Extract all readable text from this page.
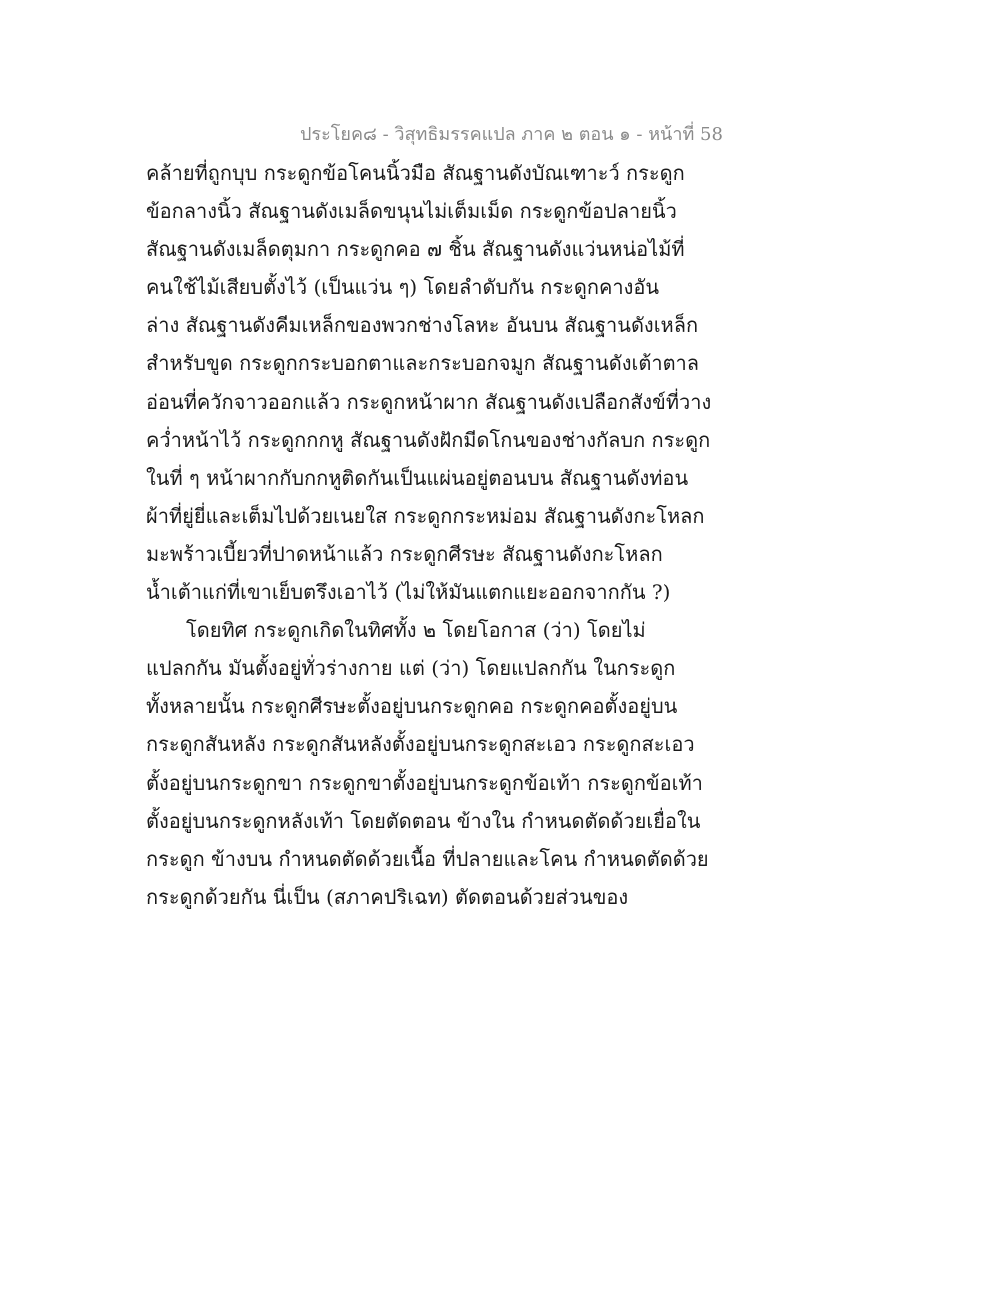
ประโยค๘ - วิสุทธิมรรคแปล ภาค ๒ ตอน ๑ - หน้าที่ 58
คล้ายที่ถูกบุบ กระดูกข้อโคนนิ้วมือ สัณฐานดังบัณเฑาะว์ กระดูก
ข้อกลางนิ้ว สัณฐานดังเมล็ดขนุนไม่เต็มเม็ด กระดูกข้อปลายนิ้ว
สัณฐานดังเมล็ดตุมกา กระดูกคอ ๗ ชิ้น สัณฐานดังแว่นหน่อไม้ที่
คนใช้ไม้เสียบตั้งไว้ (เป็นแว่น ๆ) โดยลำดับกัน กระดูกคางอัน
ล่าง สัณฐานดังคีมเหล็กของพวกช่างโลหะ อันบน สัณฐานดังเหล็ก
สำหรับขูด กระดูกกระบอกตาและกระบอกจมูก สัณฐานดังเต้าตาล
อ่อนที่ควักจาวออกแล้ว กระดูกหน้าผาก สัณฐานดังเปลือกสังข์ที่วาง
คว่ำหน้าไว้ กระดูกกกหู สัณฐานดังฝักมีดโกนของช่างกัลบก กระดูก
ในที่ ๆ หน้าผากกับกกหูติดกันเป็นแผ่นอยู่ตอนบน สัณฐานดังท่อน
ผ้าที่ยู่ยี่และเต็มไปด้วยเนยใส กระดูกกระหม่อม สัณฐานดังกะโหลก
มะพร้าวเบี้ยวที่ปาดหน้าแล้ว กระดูกศีรษะ สัณฐานดังกะโหลก
น้ำเต้าแก่ที่เขาเย็บตรึงเอาไว้ (ไม่ให้มันแตกแยะออกจากกัน ?)
โดยทิศ กระดูกเกิดในทิศทั้ง ๒ โดยโอกาส (ว่า) โดยไม่
แปลกกัน มันตั้งอยู่ทั่วร่างกาย แต่ (ว่า) โดยแปลกกัน ในกระดูก
ทั้งหลายนั้น กระดูกศีรษะตั้งอยู่บนกระดูกคอ กระดูกคอตั้งอยู่บน
กระดูกสันหลัง กระดูกสันหลังตั้งอยู่บนกระดูกสะเอว กระดูกสะเอว
ตั้งอยู่บนกระดูกขา กระดูกขาตั้งอยู่บนกระดูกข้อเท้า กระดูกข้อเท้า
ตั้งอยู่บนกระดูกหลังเท้า โดยตัดตอน ข้างใน กำหนดตัดด้วยเยื่อใน
กระดูก ข้างบน กำหนดตัดด้วยเนื้อ ที่ปลายและโคน กำหนดตัดด้วย
กระดูกด้วยกัน นี่เป็น (สภาคปริเฉท) ตัดตอนด้วยส่วนของ
